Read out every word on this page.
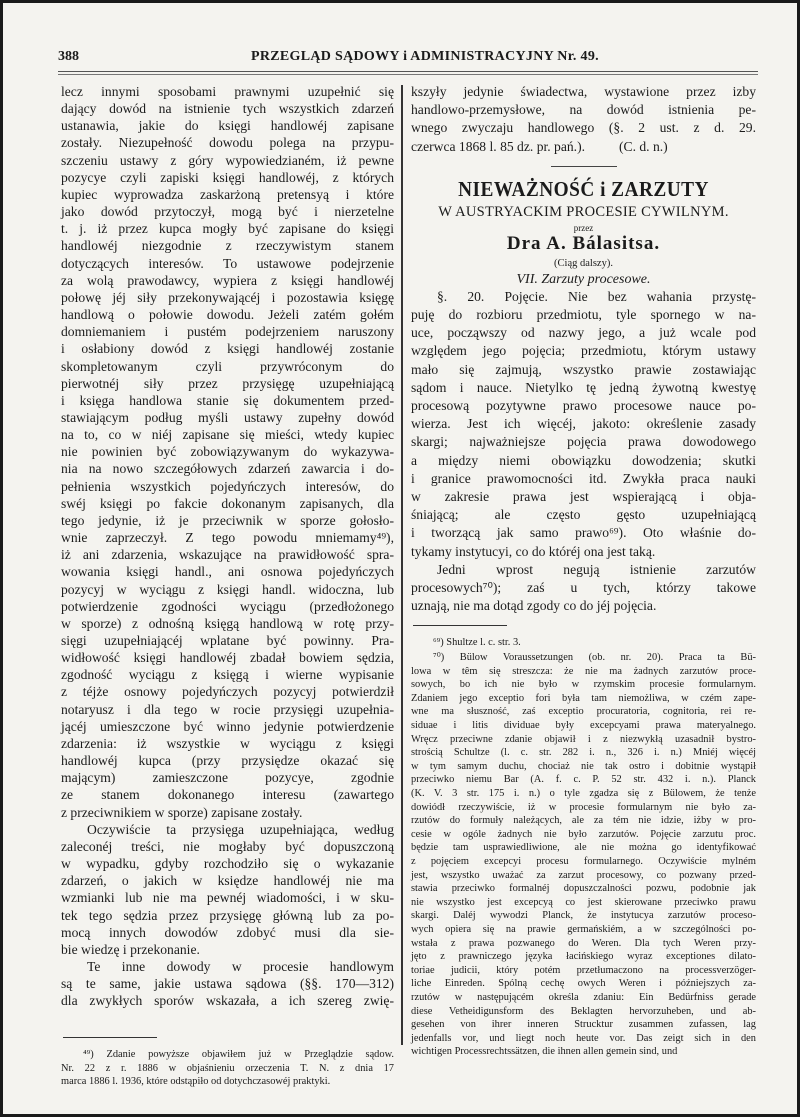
388	PRZEGLĄD SĄDOWY i ADMINISTRACYJNY Nr. 49.
lecz innymi sposobami prawnymi uzupełnić się
dający dowód na istnienie tych wszystkich zdarzeń
ustanawia, jakie do księgi handlowéj zapisane
zostały. Niezupełność dowodu polega na przypu-
szczeniu ustawy z góry wypowiedzianém, iż pewne
pozycye czyli zapiski księgi handlowéj, z których
kupiec wyprowadza zaskarżoną pretensyą i które
jako dowód przytoczył, mogą być i nierzetelne
t. j. iż przez kupca mogły być zapisane do księgi
handlowéj niezgodnie z rzeczywistym stanem
dotyczących interesów. To ustawowe podejrzenie
za wolą prawodawcy, wypiera z księgi handlowéj
połowę jéj siły przekonywającéj i pozostawia księgę
handlową o połowie dowodu. Jeżeli zatém gołém
domniemaniem i pustém podejrzeniem naruszony
i osłabiony dowód z księgi handlowéj zostanie
skompletowanym czyli przywróconym do
pierwotnéj siły przez przysięgę uzupełniającą
i księga handlowa stanie się dokumentem przed-
stawiającym podług myśli ustawy zupełny dowód
na to, co w niéj zapisane się mieści, wtedy kupiec
nie powinien być zobowiązywanym do wykazywa-
nia na nowo szczegółowych zdarzeń zawarcia i do-
pełnienia wszystkich pojedyńczych interesów, do
swéj księgi po fakcie dokonanym zapisanych, dla
tego jedynie, iż je przeciwnik w sporze gołosło-
wnie zaprzeczył. Z tego powodu mniemamy⁴⁹),
iż ani zdarzenia, wskazujące na prawidłowość spra-
wowania księgi handl., ani osnowa pojedyńczych
pozycyj w wyciągu z księgi handl. widoczna, lub
potwierdzenie zgodności wyciągu (przedłożonego
w sporze) z odnośną księgą handlową w rotę przy-
sięgi uzupełniającéj wplatane być powinny. Pra-
widłowość księgi handlowéj zbadał bowiem sędzia,
zgodność wyciągu z księgą i wierne wypisanie
z téjże osnowy pojedyńczych pozycyj potwierdził
notaryusz i dla tego w rocie przysięgi uzupełnia-
jącéj umieszczone być winno jedynie potwierdzenie
zdarzenia: iż wszystkie w wyciągu z księgi
handlowéj kupca (przy przysiędze okazać się
mającym) zamieszczone pozycye, zgodnie
ze stanem dokonanego interesu (zawartego
z przeciwnikiem w sporze) zapisane zostały.
Oczywiście ta przysięga uzupełniająca, według
zaleconéj treści, nie mogłaby być dopuszczoną
w wypadku, gdyby rozchodziło się o wykazanie
zdarzeń, o jakich w księdze handlowéj nie ma
wzmianki lub nie ma pewnéj wiadomości, i w sku-
tek tego sędzia przez przysięgę główną lub za po-
mocą innych dowodów zdobyć musi dla sie-
bie wiedzę i przekonanie.
Te inne dowody w procesie handlowym
są te same, jakie ustawa sądowa (§§. 170—312)
dla zwykłych sporów wskazała, a ich szereg zwię-
⁴⁹) Zdanie powyższe objawiłem już w Przeglądzie sądow.
Nr. 22 z r. 1886 w objaśnieniu orzeczenia T. N. z dnia 17
marca 1886 l. 1936, które odstąpiło od dotychczasowéj praktyki.
kszyły jedynie świadectwa, wystawione przez izby
handlowo-przemysłowe, na dowód istnienia pe-
wnego zwyczaju handlowego (§. 2 ust. z d. 29.
czerwca 1868 l. 85 dz. pr. pań.).          (C. d. n.)
NIEWAŻNOŚĆ i ZARZUTY
W AUSTRYACKIM PROCESIE CYWILNYM.
przez
Dra A. Bálasitsa.
(Ciąg dalszy).
VII. Zarzuty procesowe.
§. 20. Pojęcie. Nie bez wahania przystę-
puję do rozbioru przedmiotu, tyle spornego w na-
uce, począwszy od nazwy jego, a już wcale pod
względem jego pojęcia; przedmiotu, którym ustawy
mało się zajmują, wszystko prawie zostawiając
sądom i nauce. Nietylko tę jedną żywotną kwestyę
procesową pozytywne prawo procesowe nauce po-
wierza. Jest ich więcéj, jakoto: określenie zasady
skargi; najważniejsze pojęcia prawa dowodowego
a między niemi obowiązku dowodzenia; skutki
i granice prawomocności itd. Zwykła praca nauki
w zakresie prawa jest wspierającą i obja-
śniającą; ale często gęsto uzupełniającą
i tworzącą jak samo prawo⁶⁹). Oto właśnie do-
tykamy instytucyi, co do któréj ona jest taką.
Jedni wprost negują istnienie zarzutów
procesowych⁷⁰); zaś u tych, którzy takowe
uznają, nie ma dotąd zgody co do jéj pojęcia.
⁶⁹) Shultze l. c. str. 3.
⁷⁰) Bülow Voraussetzungen (ob. nr. 20). Praca ta Bü-
lowa w têm się streszcza: że nie ma żadnych zarzutów proce-
sowych, bo ich nie było w rzymskim procesie formularnym.
Zdaniem jego exceptio fori była tam niemożliwa, w czém zape-
wne ma słuszność, zaś exceptio procuratoria, cognitoria, rei re-
siduae i litis dividuae były excepcyami prawa materyalnego.
Wręcz przeciwne zdanie objawił i z niezwykłą uzasadnił bystro-
strością Schultze (l. c. str. 282 i. n., 326 i. n.) Mniéj więcéj
w tym samym duchu, chociaż nie tak ostro i dobitnie wystąpił
przeciwko niemu Bar (A. f. c. P. 52 str. 432 i. n.). Planck
(K. V. 3 str. 175 i. n.) o tyle zgadza się z Bülowem, że tenże
dowiódł rzeczywiście, iż w procesie formularnym nie było za-
rzutów do formuły należących, ale za tém nie idzie, iżby w pro-
cesie w ogóle żadnych nie było zarzutów. Pojęcie zarzutu proc.
będzie tam usprawiedliwione, ale nie można go identyfikować
z pojęciem excepcyi procesu formularnego. Oczywiście mylném
jest, wszystko uważać za zarzut procesowy, co pozwany przed-
stawia przeciwko formalnéj dopuszczalności pozwu, podobnie jak
nie wszystko jest excepcyą co jest skierowane przeciwko prawu
skargi. Daléj wywodzi Planck, że instytucya zarzutów proceso-
wych opiera się na prawie germańskiém, a w szczególności po-
wstała z prawa pozwanego do Weren. Dla tych Weren przy-
jęto z prawniczego języka łacińskiego wyraz exceptiones dilato-
toriae judicii, który potém przetłumaczono na processverzöger-
liche Einreden. Spólną cechę owych Weren i późniejszych za-
rzutów w następującém określa zdaniu: Ein Bedürfniss gerade
diese Vetheidigunsform des Beklagten hervorzuheben, und ab-
gesehen von ihrer inneren Strucktur zusammen zufassen, lag
jedenfalls vor, und liegt noch heute vor. Das zeigt sich in den
wichtigen Processrechtssätzen, die ihnen allen gemein sind, und
